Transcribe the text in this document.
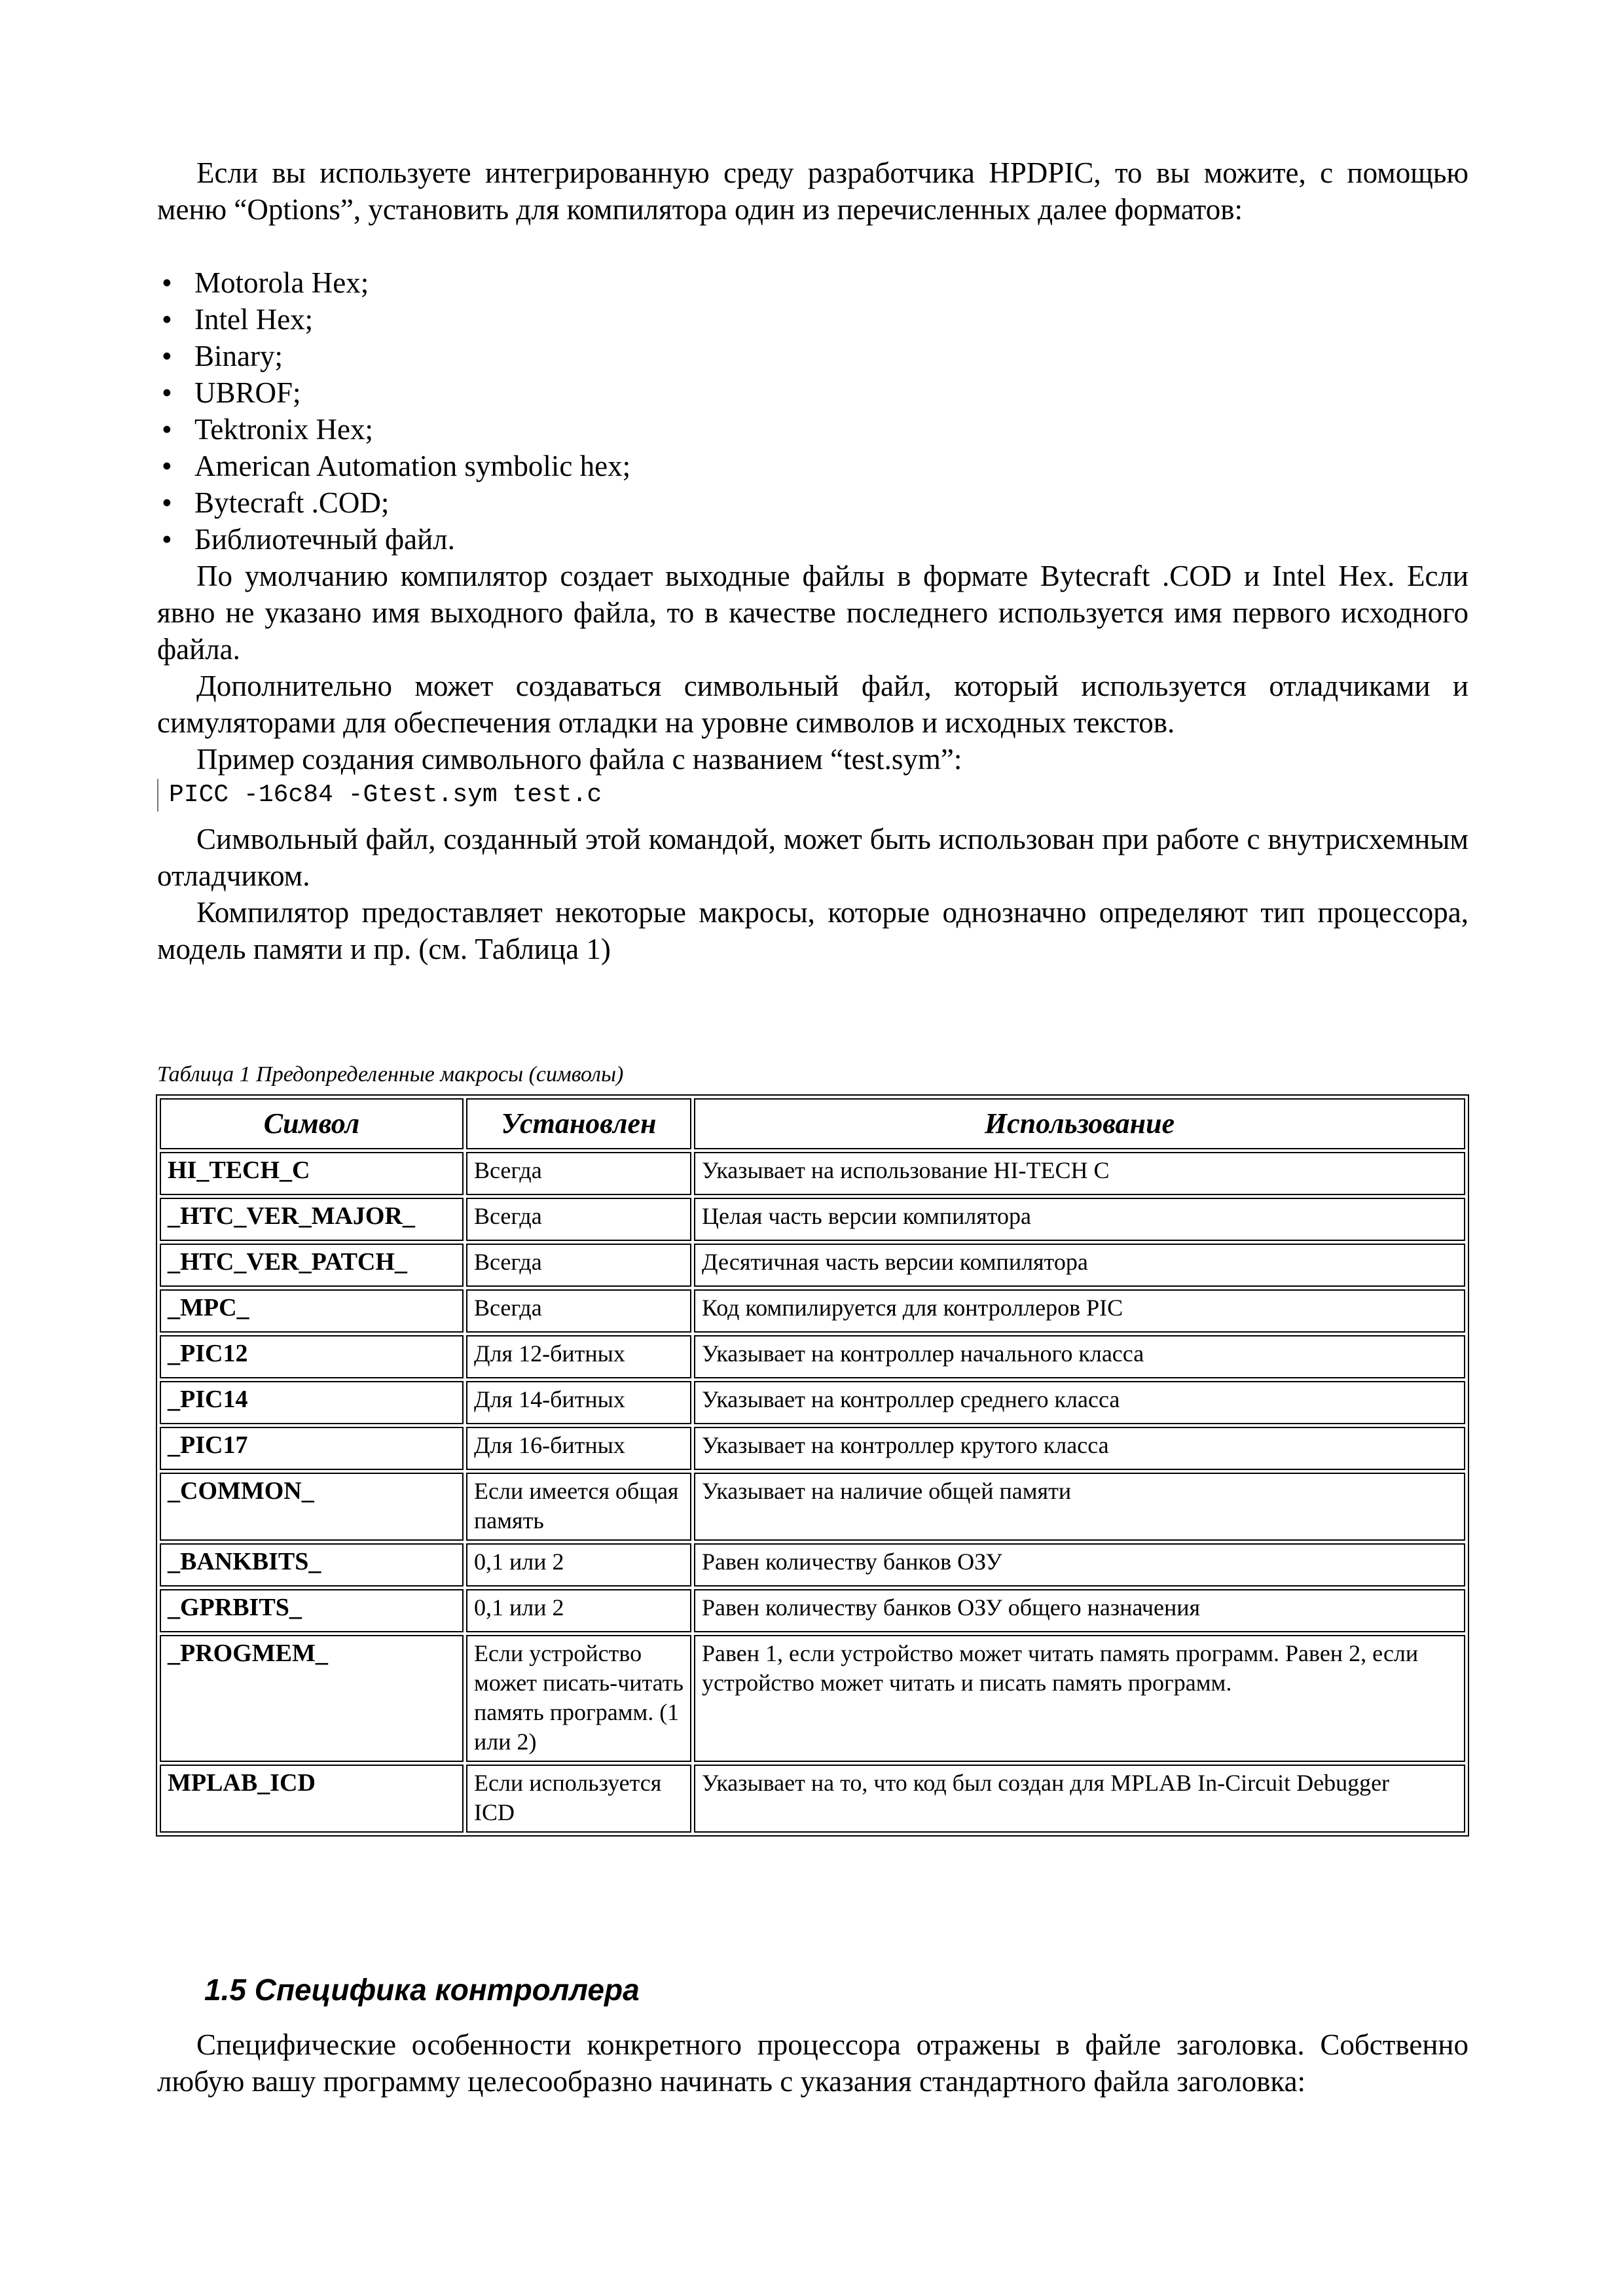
Если вы используете интегрированную среду разработчика HPDPIC, то вы можите, с помощью меню “Options”, установить для компилятора один из перечисленных далее форматов:

• Motorola Hex;
• Intel Hex;
• Binary;
• UBROF;
• Tektronix Hex;
• American Automation symbolic hex;
• Bytecraft .COD;
• Библиотечный файл.

По умолчанию компилятор создает выходные файлы в формате Bytecraft .COD и Intel Hex. Если явно не указано имя выходного файла, то в качестве последнего используется имя первого исходного файла.

Дополнительно может создаваться символьный файл, который используется отладчиками и симуляторами для обеспечения отладки на уровне символов и исходных текстов.

Пример создания символьного файла с названием “test.sym”:

PICC -16c84 -Gtest.sym test.c

Символьный файл, созданный этой командой, может быть использован при работе с внутрисхемным отладчиком.

Компилятор предоставляет некоторые макросы, которые однозначно определяют тип процессора, модель памяти и пр. (см. Таблица 1)

Таблица 1 Предопределенные макросы (символы)
Символ	Установлен	Использование
HI_TECH_C	Всегда	Указывает на использование HI-TECH C
_HTC_VER_MAJOR_	Всегда	Целая часть версии компилятора
_HTC_VER_PATCH_	Всегда	Десятичная часть версии компилятора
_MPC_	Всегда	Код компилируется для контроллеров PIC
_PIC12	Для 12-битных	Указывает на контроллер начального класса
_PIC14	Для 14-битных	Указывает на контроллер среднего класса
_PIC17	Для 16-битных	Указывает на контроллер крутого класса
_COMMON_	Если имеется общая память	Указывает на наличие общей памяти
_BANKBITS_	0,1 или 2	Равен количеству банков ОЗУ
_GPRBITS_	0,1 или 2	Равен количеству банков ОЗУ общего назначения
_PROGMEM_	Если устройство может писать-читать память программ. (1 или 2)	Равен 1, если устройство может читать память программ. Равен 2, если устройство может читать и писать память программ.
MPLAB_ICD	Если используется ICD	Указывает на то, что код был создан для MPLAB In-Circuit Debugger
1.5 Специфика контроллера

Специфические особенности конкретного процессора отражены в файле заголовка. Собственно любую вашу программу целесообразно начинать с указания стандартного файла заголовка:
